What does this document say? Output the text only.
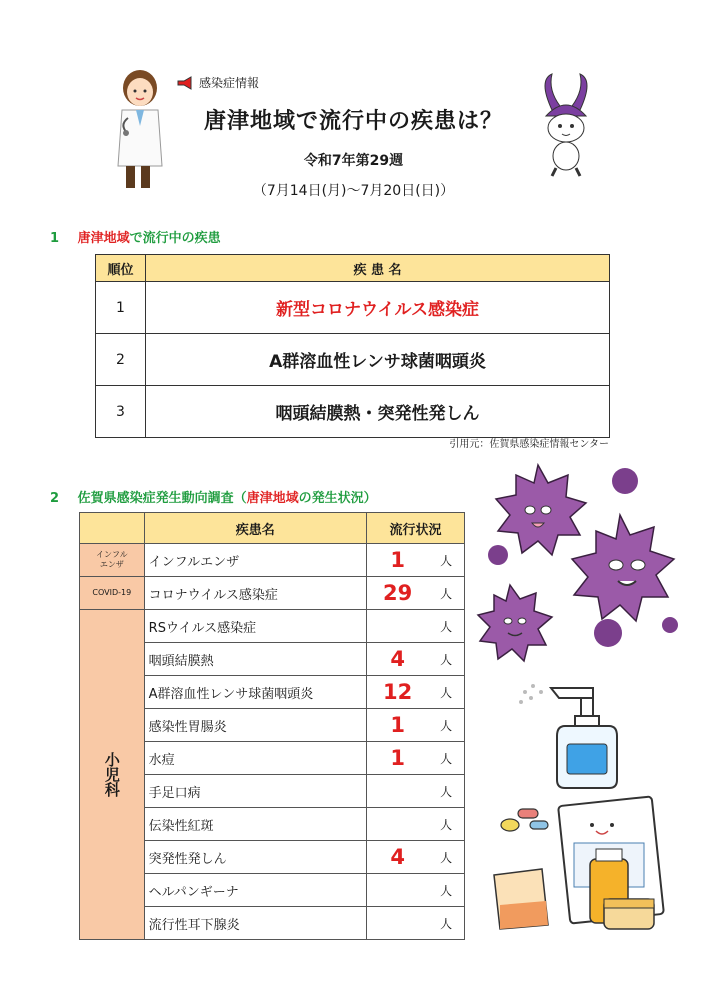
感染症情報
唐津地域で流行中の疾患は？
令和7年第29週
（7月14日(月)～7月20日(日)）
1 唐津地域で流行中の疾患
順位	疾 患 名
1	新型コロナウイルス感染症
2	A群溶血性レンサ球菌咽頭炎
3	咽頭結膜熱・突発性発しん
引用元：佐賀県感染症情報センター
2 佐賀県感染症発生動向調査（唐津地域の発生状況）
	疾患名	流行状況	
インフル
エンザ	インフルエンザ	1	人
COVID-19	コロナウイルス感染症	29	人
小児科	RSウイルス感染症		人
	咽頭結膜熱	4	人
	A群溶血性レンサ球菌咽頭炎	12	人
	感染性胃腸炎	1	人
	水痘	1	人
	手足口病		人
	伝染性紅斑		人
	突発性発しん	4	人
	ヘルパンギーナ		人
	流行性耳下腺炎		人
